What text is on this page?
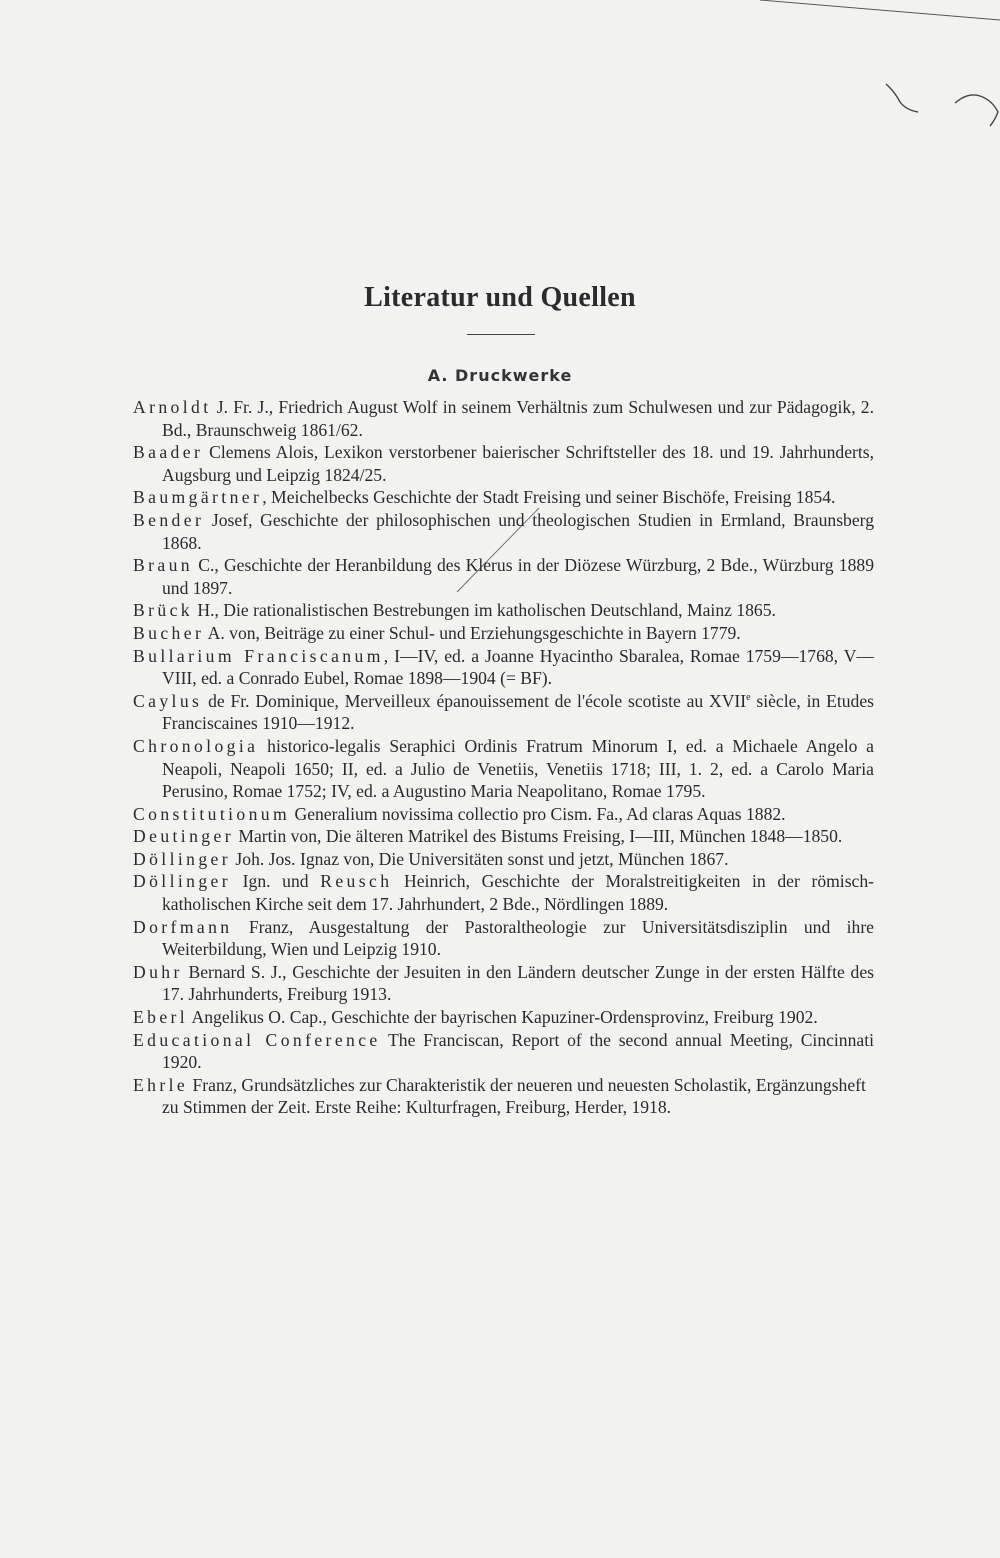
Literatur und Quellen
A. Druckwerke
Arnoldt J. Fr. J., Friedrich August Wolf in seinem Verhältnis zum Schulwesen und zur Pädagogik, 2. Bd., Braunschweig 1861/62.
Baader Clemens Alois, Lexikon verstorbener baierischer Schriftsteller des 18. und 19. Jahrhunderts, Augsburg und Leipzig 1824/25.
Baumgärtner, Meichelbecks Geschichte der Stadt Freising und seiner Bischöfe, Freising 1854.
Bender Josef, Geschichte der philosophischen und theologischen Studien in Ermland, Braunsberg 1868.
Braun C., Geschichte der Heranbildung des Klerus in der Diözese Würzburg, 2 Bde., Würzburg 1889 und 1897.
Brück H., Die rationalistischen Bestrebungen im katholischen Deutschland, Mainz 1865.
Bucher A. von, Beiträge zu einer Schul- und Erziehungsgeschichte in Bayern 1779.
Bullarium Franciscanum, I—IV, ed. a Joanne Hyacintho Sbaralea, Romae 1759—1768, V—VIII, ed. a Conrado Eubel, Romae 1898—1904 (= BF).
Caylus de Fr. Dominique, Merveilleux épanouissement de l'école scotiste au XVIIe siècle, in Etudes Franciscaines 1910—1912.
Chronologia historico-legalis Seraphici Ordinis Fratrum Minorum I, ed. a Michaele Angelo a Neapoli, Neapoli 1650; II, ed. a Julio de Venetiis, Venetiis 1718; III, 1. 2, ed. a Carolo Maria Perusino, Romae 1752; IV, ed. a Augustino Maria Neapolitano, Romae 1795.
Constitutionum Generalium novissima collectio pro Cism. Fa., Ad claras Aquas 1882.
Deutinger Martin von, Die älteren Matrikel des Bistums Freising, I—III, München 1848—1850.
Döllinger Joh. Jos. Ignaz von, Die Universitäten sonst und jetzt, München 1867.
Döllinger Ign. und Reusch Heinrich, Geschichte der Moralstreitigkeiten in der römisch-katholischen Kirche seit dem 17. Jahrhundert, 2 Bde., Nördlingen 1889.
Dorfmann Franz, Ausgestaltung der Pastoraltheologie zur Universitätsdisziplin und ihre Weiterbildung, Wien und Leipzig 1910.
Duhr Bernard S. J., Geschichte der Jesuiten in den Ländern deutscher Zunge in der ersten Hälfte des 17. Jahrhunderts, Freiburg 1913.
Eberl Angelikus O. Cap., Geschichte der bayrischen Kapuziner-Ordensprovinz, Freiburg 1902.
Educational Conference The Franciscan, Report of the second annual Meeting, Cincinnati 1920.
Ehrle Franz, Grundsätzliches zur Charakteristik der neueren und neuesten Scholastik, Ergänzungsheft zu Stimmen der Zeit. Erste Reihe: Kulturfragen, Freiburg, Herder, 1918.
